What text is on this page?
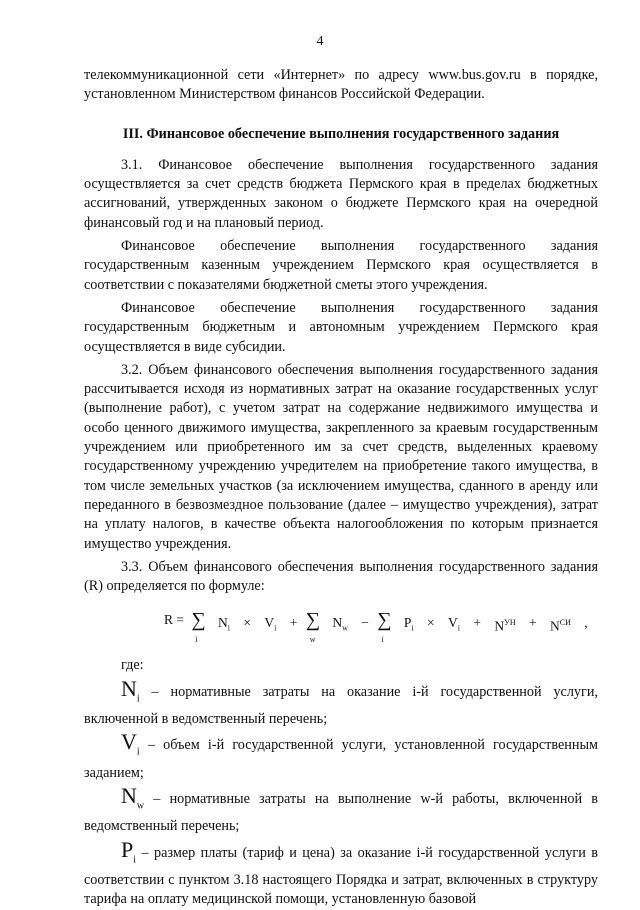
4

телекоммуникационной сети «Интернет» по адресу www.bus.gov.ru в порядке, установленном Министерством финансов Российской Федерации.

III. Финансовое обеспечение выполнения государственного задания

3.1. Финансовое обеспечение выполнения государственного задания осуществляется за счет средств бюджета Пермского края в пределах бюджетных ассигнований, утвержденных законом о бюджете Пермского края на очередной финансовый год и на плановый период.

Финансовое обеспечение выполнения государственного задания государственным казенным учреждением Пермского края осуществляется в соответствии с показателями бюджетной сметы этого учреждения.

Финансовое обеспечение выполнения государственного задания государственным бюджетным и автономным учреждением Пермского края осуществляется в виде субсидии.

3.2. Объем финансового обеспечения выполнения государственного задания рассчитывается исходя из нормативных затрат на оказание государственных услуг (выполнение работ), с учетом затрат на содержание недвижимого имущества и особо ценного движимого имущества, закрепленного за краевым государственным учреждением или приобретенного им за счет средств, выделенных краевому государственному учреждению учредителем на приобретение такого имущества, в том числе земельных участков (за исключением имущества, сданного в аренду или переданного в безвозмездное пользование (далее – имущество учреждения), затрат на уплату налогов, в качестве объекта налогообложения по которым признается имущество учреждения.

3.3. Объем финансового обеспечения выполнения государственного задания (R) определяется по формуле:

R = ∑
i
$N_i \times V_i$ + ∑
w
$N_w$ − ∑
i
$P_i \times V_i + N^{УН} + N^{СИ}$ ,

где:

$N_i$ – нормативные затраты на оказание i-й государственной услуги, включенной в ведомственный перечень;

$V_i$ – объем i-й государственной услуги, установленной государственным заданием;

$N_w$ – нормативные затраты на выполнение w-й работы, включенной в ведомственный перечень;

$P_i$ – размер платы (тариф и цена) за оказание i-й государственной услуги в соответствии с пунктом 3.18 настоящего Порядка и затрат, включенных в структуру тарифа на оплату медицинской помощи, установленную базовой
